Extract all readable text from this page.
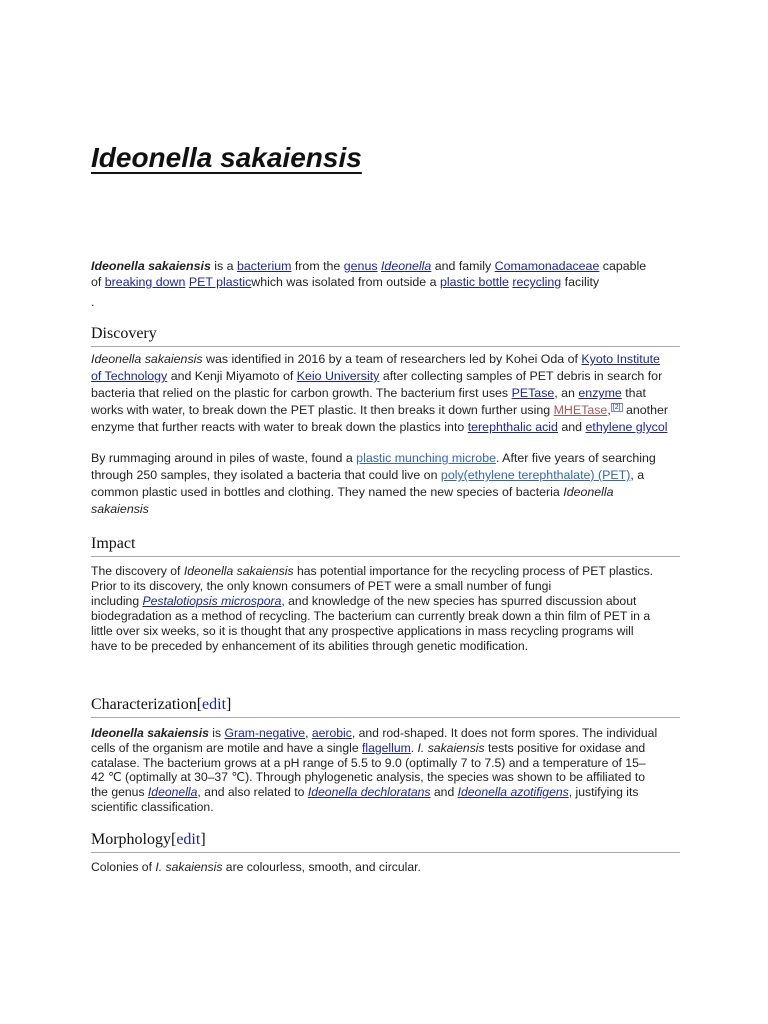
Ideonella sakaiensis
Ideonella sakaiensis is a bacterium from the genus Ideonella and family Comamonadaceae capable
of breaking down PET plasticwhich was isolated from outside a plastic bottle recycling facility
.
Discovery
Ideonella sakaiensis was identified in 2016 by a team of researchers led by Kohei Oda of Kyoto Institute
of Technology and Kenji Miyamoto of Keio University after collecting samples of PET debris in search for
bacteria that relied on the plastic for carbon growth. The bacterium first uses PETase, an enzyme that
works with water, to break down the PET plastic. It then breaks it down further using MHETase, [2] another
enzyme that further reacts with water to break down the plastics into terephthalic acid and ethylene glycol
By rummaging around in piles of waste, found a plastic munching microbe. After five years of searching
through 250 samples, they isolated a bacteria that could live on poly(ethylene terephthalate) (PET), a
common plastic used in bottles and clothing. They named the new species of bacteria Ideonella
sakaiensis
Impact
The discovery of Ideonella sakaiensis has potential importance for the recycling process of PET plastics.
Prior to its discovery, the only known consumers of PET were a small number of fungi
including Pestalotiopsis microspora, and knowledge of the new species has spurred discussion about
biodegradation as a method of recycling. The bacterium can currently break down a thin film of PET in a
little over six weeks, so it is thought that any prospective applications in mass recycling programs will
have to be preceded by enhancement of its abilities through genetic modification.
Characterization[edit]
Ideonella sakaiensis is Gram-negative, aerobic, and rod-shaped. It does not form spores. The individual
cells of the organism are motile and have a single flagellum. I. sakaiensis tests positive for oxidase and
catalase. The bacterium grows at a pH range of 5.5 to 9.0 (optimally 7 to 7.5) and a temperature of 15–
42 ℃ (optimally at 30–37 ℃). Through phylogenetic analysis, the species was shown to be affiliated to
the genus Ideonella, and also related to Ideonella dechloratans and Ideonella azotifigens, justifying its
scientific classification.
Morphology[edit]
Colonies of I. sakaiensis are colourless, smooth, and circular.
